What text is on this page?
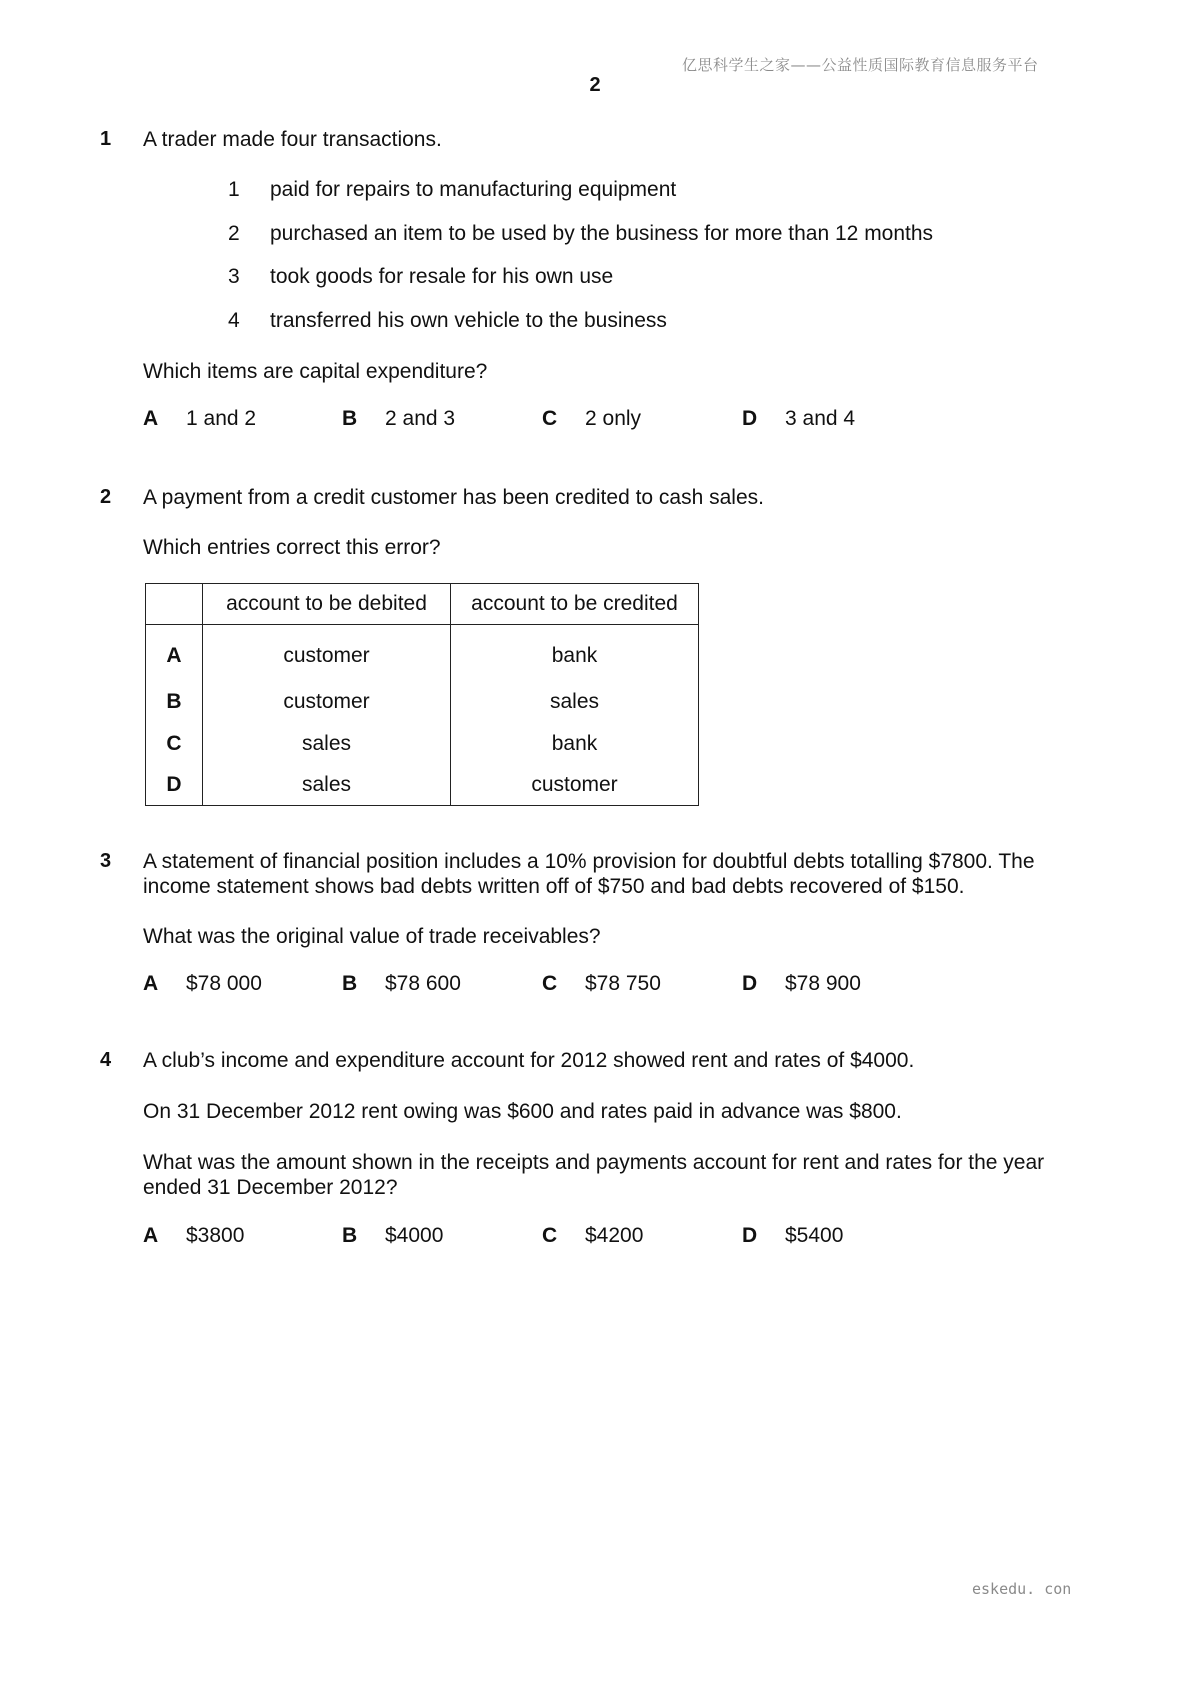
亿思科学生之家——公益性质国际教育信息服务平台
2
1 A trader made four transactions.
1 paid for repairs to manufacturing equipment
2 purchased an item to be used by the business for more than 12 months
3 took goods for resale for his own use
4 transferred his own vehicle to the business
Which items are capital expenditure?
A 1 and 2	B 2 and 3	C 2 only	D 3 and 4
2 A payment from a credit customer has been credited to cash sales.
Which entries correct this error?
	account to be debited	account to be credited
A	customer	bank
B	customer	sales
C	sales	bank
D	sales	customer
3 A statement of financial position includes a 10% provision for doubtful debts totalling $7800. The
income statement shows bad debts written off of $750 and bad debts recovered of $150.
What was the original value of trade receivables?
A $78 000	B $78 600	C $78 750	D $78 900
4 A club’s income and expenditure account for 2012 showed rent and rates of $4000.
On 31 December 2012 rent owing was $600 and rates paid in advance was $800.
What was the amount shown in the receipts and payments account for rent and rates for the year
ended 31 December 2012?
A $3800	B $4000	C $4200	D $5400
eskedu. con
